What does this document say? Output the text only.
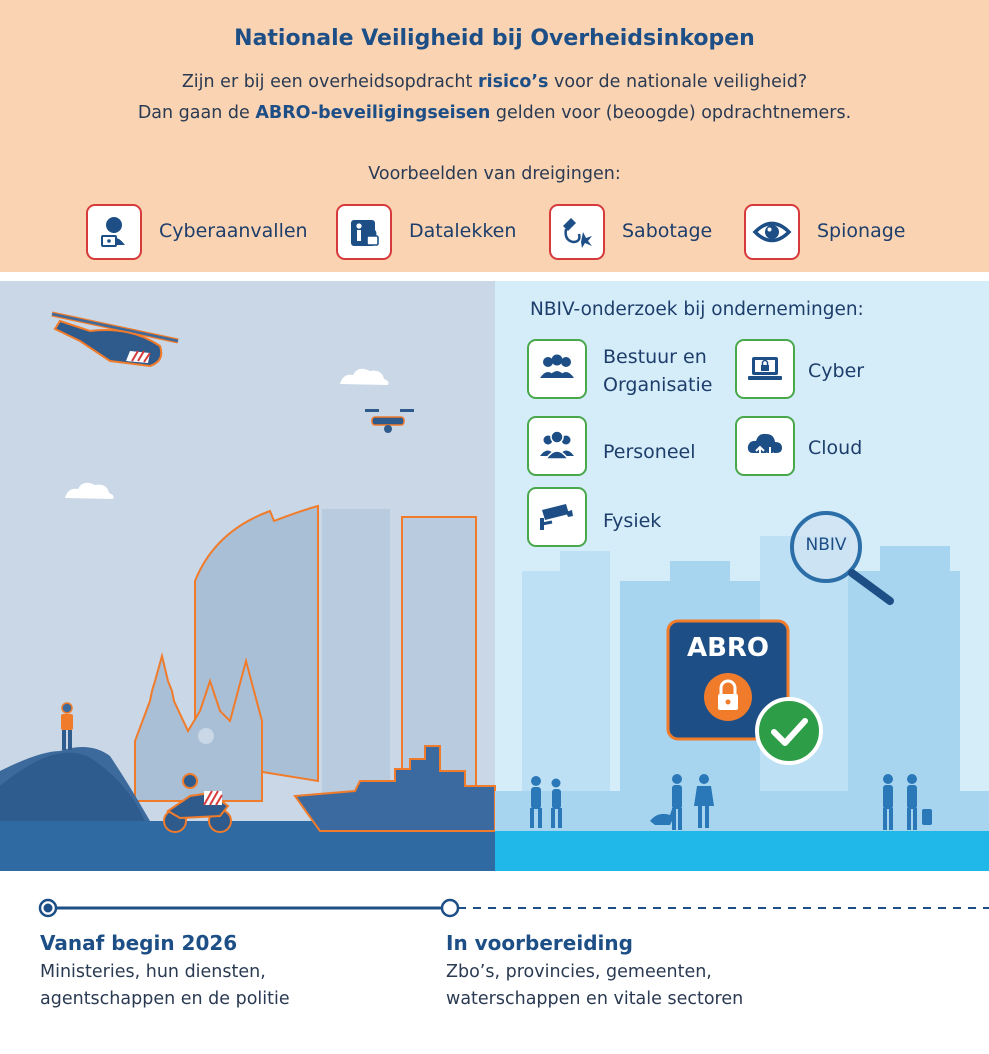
Nationale Veiligheid bij Overheidsinkopen
Zijn er bij een overheidsopdracht risico’s voor de nationale veiligheid?
Dan gaan de ABRO-beveiligingseisen gelden voor (beoogde) opdrachtnemers.
Voorbeelden van dreigingen:
Cyberaanvallen	Datalekken	Sabotage	Spionage
NBIV-onderzoek bij ondernemingen:
Bestuur en
Organisatie
Cyber
Personeel	Cloud
Fysiek
NBIV
ABRO
Vanaf begin 2026
Ministeries, hun diensten,
agentschappen en de politie
In voorbereiding
Zbo’s, provincies, gemeenten,
waterschappen en vitale sectoren
